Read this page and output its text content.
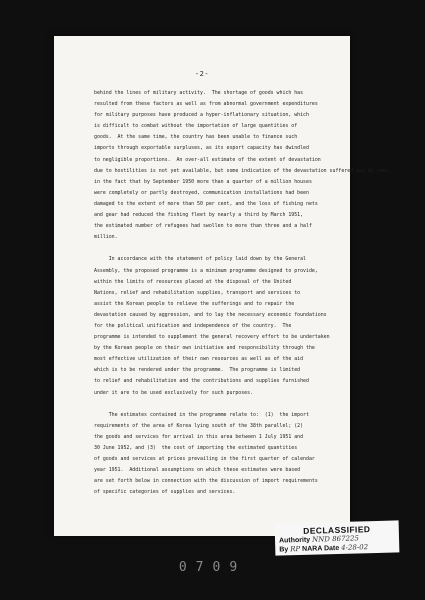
-2-
behind the lines of military activity.  The shortage of goods which has
resulted from these factors as well as from abnormal government expenditures
for military purposes have produced a hyper-inflationary situation, which
is difficult to combat without the importation of large quantities of
goods.  At the same time, the country has been unable to finance such
imports through exportable surpluses, as its export capacity has dwindled
to negligible proportions.  An over-all estimate of the extent of devastation
due to hostilities is not yet available, but some indication of the devastation suffered may be seen
in the fact that by September 1950 more than a quarter of a million houses
were completely or partly destroyed, communication installations had been
damaged to the extent of more than 50 per cent, and the loss of fishing nets
and gear had reduced the fishing fleet by nearly a third by March 1951,
the estimated number of refugees had swollen to more than three and a half
million.
In accordance with the statement of policy laid down by the General
Assembly, the proposed programme is a minimum programme designed to provide,
within the limits of resources placed at the disposal of the United
Nations, relief and rehabilitation supplies, transport and services to
assist the Korean people to relieve the sufferings and to repair the
devastation caused by aggression, and to lay the necessary economic foundations
for the political unification and independence of the country.  The
programme is intended to supplement the general recovery effort to be undertaken
by the Korean people on their own initiative and responsibility through the
most effective utilization of their own resources as well as of the aid
which is to be rendered under the programme.  The programme is limited
to relief and rehabilitation and the contributions and supplies furnished
under it are to be used exclusively for such purposes.
The estimates contained in the programme relate to:  (1)  the import
requirements of the area of Korea lying south of the 38th parallel; (2)
the goods and services for arrival in this area between 1 July 1951 and
30 June 1952, and (3)  the cost of importing the estimated quantities
of goods and services at prices prevailing in the first quarter of calendar
year 1951.  Additional assumptions on which these estimates were based
are set forth below in connection with the discussion of import requirements
of specific categories of supplies and services.
DECLASSIFIED
Authority NND 867225
By RP NARA Date 4-28-02
0709
